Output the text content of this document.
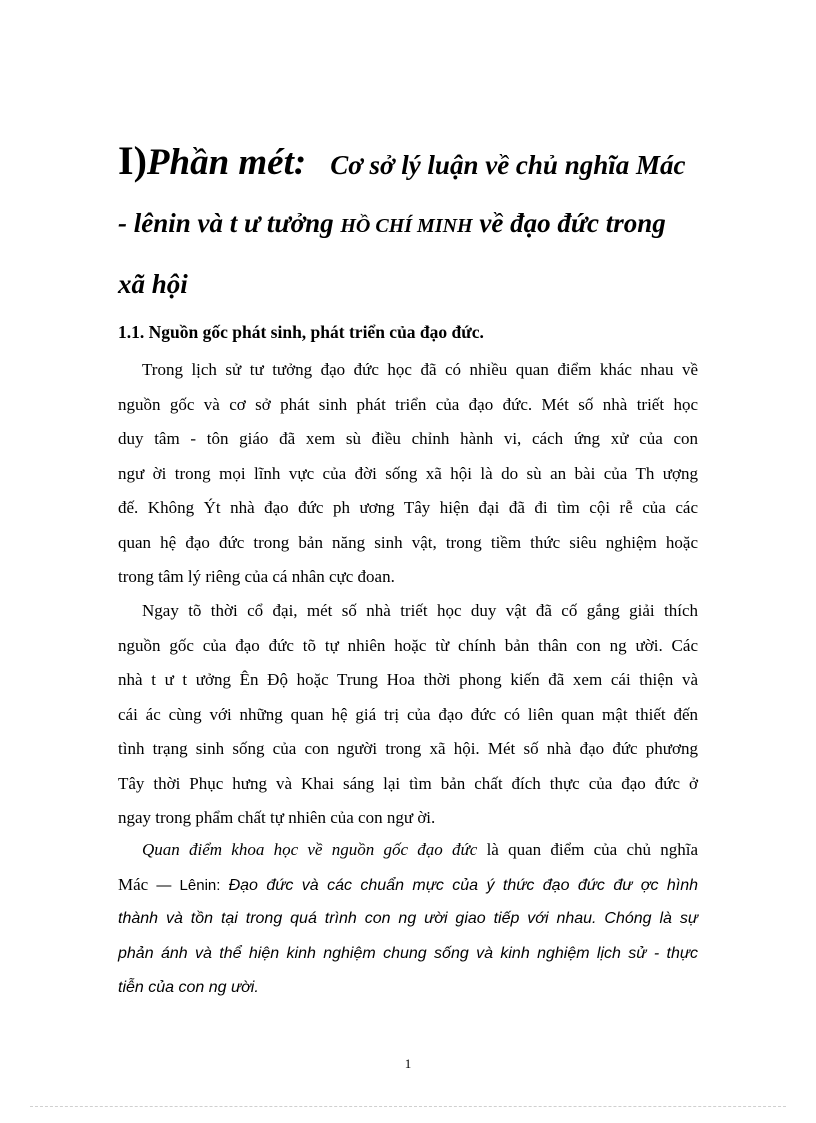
I)Phần mét: Cơ sở lý luận về chủ nghĩa Mác
- lênin và t ư tưởng HỒ CHÍ MINH về đạo đức trong
xã hội
1.1. Nguồn gốc phát sinh, phát triển của đạo đức.
Trong lịch sử tư tưởng đạo đức học đã có nhiều quan điểm khác nhau về
nguồn gốc và cơ sở phát sinh phát triển của đạo đức. Mét số nhà triết học
duy tâm - tôn giáo đã xem sù điều chỉnh hành vi, cách ứng xử của con
ngư ời trong mọi lĩnh vực của đời sống xã hội là do sù an bài của Th ượng
đế. Không Ýt nhà đạo đức ph ương Tây hiện đại đã đi tìm cội rễ của các
quan hệ đạo đức trong bản năng sinh vật, trong tiềm thức siêu nghiệm hoặc
trong tâm lý riêng của cá nhân cực đoan.
Ngay tõ thời cổ đại, mét số nhà triết học duy vật đã cố gắng giải thích
nguồn gốc của đạo đức tõ tự nhiên hoặc từ chính bản thân con ng ười. Các
nhà t ư t ưởng Ên Độ hoặc Trung Hoa thời phong kiến đã xem cái thiện và
cái ác cùng với những quan hệ giá trị của đạo đức có liên quan mật thiết đến
tình trạng sinh sống của con người trong xã hội. Mét số nhà đạo đức phương
Tây thời Phục hưng và Khai sáng lại tìm bản chất đích thực của đạo đức ở
ngay trong phẩm chất tự nhiên của con ngư ời.
Quan điểm khoa học về nguồn gốc đạo đức là quan điểm của chủ nghĩa
Mác — Lênin: Đạo đức và các chuẩn mực của ý thức đạo đức đư ợc hình
thành và tồn tại trong quá trình con ng ười giao tiếp với nhau. Chóng là sự
phản ánh và thể hiện kinh nghiệm chung sống và kinh nghiệm lịch sử - thực
tiễn của con ng ười.
1
